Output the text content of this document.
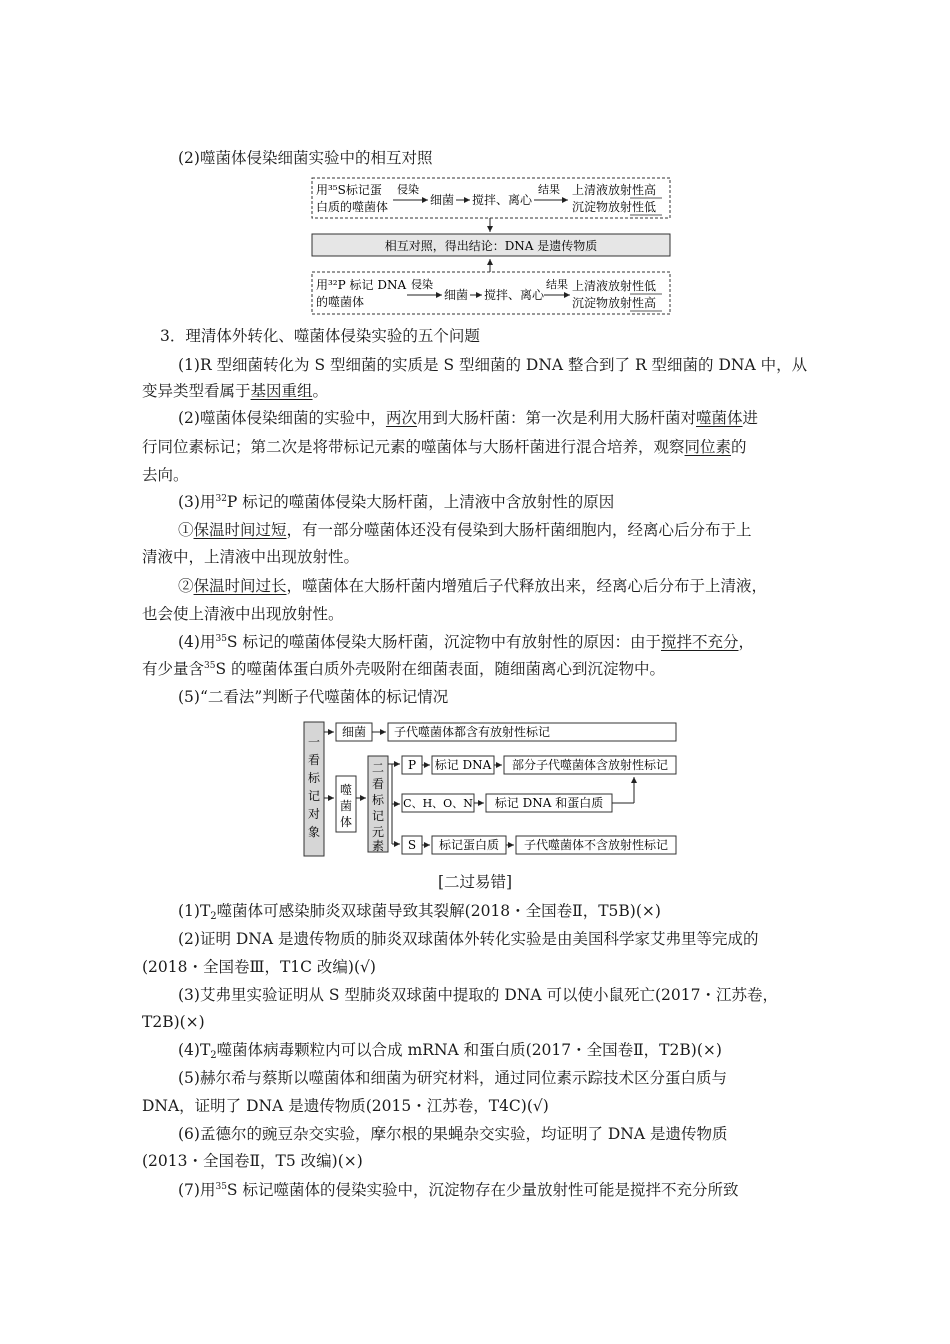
(2)噬菌体侵染细菌实验中的相互对照
用³⁵S标记蛋
白质的噬菌体
侵染
细菌 搅拌、离心
结果 上清液放射性高
沉淀物放射性低
相互对照，得出结论：DNA 是遗传物质
用³²P 标记 DNA
的噬菌体
侵染
细菌 搅拌、离心
结果 上清液放射性低
沉淀物放射性高
3．理清体外转化、噬菌体侵染实验的五个问题
(1)R 型细菌转化为 S 型细菌的实质是 S 型细菌的 DNA 整合到了 R 型细菌的 DNA 中，从
变异类型看属于基因重组。
(2)噬菌体侵染细菌的实验中，两次用到大肠杆菌：第一次是利用大肠杆菌对噬菌体进
行同位素标记；第二次是将带标记元素的噬菌体与大肠杆菌进行混合培养，观察同位素的
去向。
(3)用$^{32}$P 标记的噬菌体侵染大肠杆菌，上清液中含放射性的原因
①保温时间过短，有一部分噬菌体还没有侵染到大肠杆菌细胞内，经离心后分布于上
清液中，上清液中出现放射性。
②保温时间过长，噬菌体在大肠杆菌内增殖后子代释放出来，经离心后分布于上清液，
也会使上清液中出现放射性。
(4)用$^{35}$S 标记的噬菌体侵染大肠杆菌，沉淀物中有放射性的原因：由于搅拌不充分，
有少量含$^{35}$S 的噬菌体蛋白质外壳吸附在细菌表面，随细菌离心到沉淀物中。
(5)“二看法”判断子代噬菌体的标记情况
一
看
标
记
对
象
细菌 子代噬菌体都含有放射性标记
噬
菌
体
二
看
标
记
元
素
P 标记 DNA 部分子代噬菌体含放射性标记
C、H、O、N 标记 DNA 和蛋白质
S 标记蛋白质 子代噬菌体不含放射性标记
[二过易错]
$(1)T_2$噬菌体可感染肺炎双球菌导致其裂解(2018・全国卷Ⅱ，T5B)(×)
(2)证明 DNA 是遗传物质的肺炎双球菌体外转化实验是由美国科学家艾弗里等完成的
(2018・全国卷Ⅲ，T1C 改编)(√)
(3)艾弗里实验证明从 S 型肺炎双球菌中提取的 DNA 可以使小鼠死亡(2017・江苏卷，
T2B)(×)
$(4)T_2$噬菌体病毒颗粒内可以合成 mRNA 和蛋白质(2017・全国卷Ⅱ，T2B)(×)
(5)赫尔希与蔡斯以噬菌体和细菌为研究材料，通过同位素示踪技术区分蛋白质与
DNA，证明了 DNA 是遗传物质(2015・江苏卷，T4C)(√)
(6)孟德尔的豌豆杂交实验，摩尔根的果蝇杂交实验，均证明了 DNA 是遗传物质
(2013・全国卷Ⅱ，T5 改编)(×)
(7)用$^{35}$S 标记噬菌体的侵染实验中，沉淀物存在少量放射性可能是搅拌不充分所致
